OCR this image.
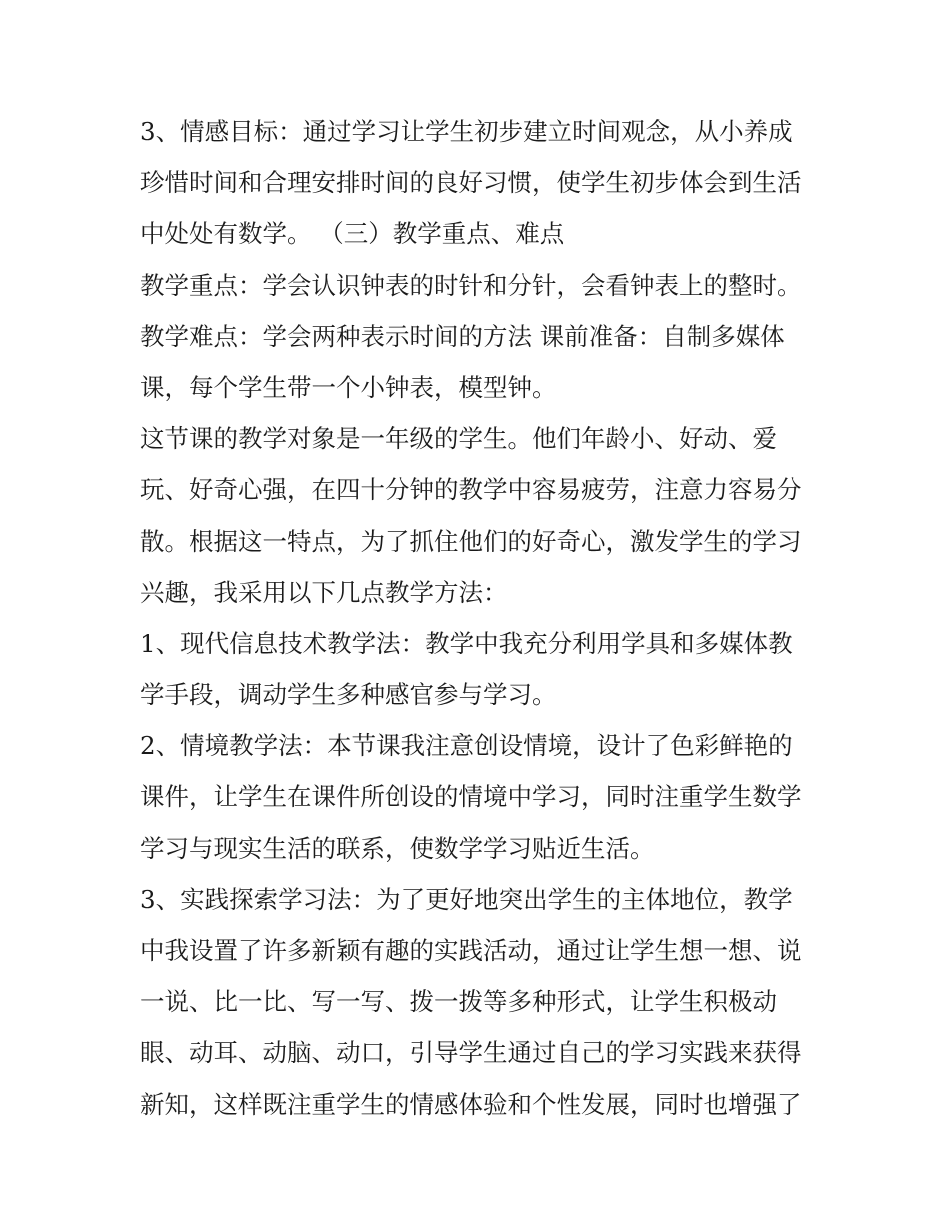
3、情感目标：通过学习让学生初步建立时间观念，从小养成
珍惜时间和合理安排时间的良好习惯，使学生初步体会到生活
中处处有数学。 （三）教学重点、难点
教学重点：学会认识钟表的时针和分针，会看钟表上的整时。
教学难点：学会两种表示时间的方法 课前准备：自制多媒体
课，每个学生带一个小钟表，模型钟。
这节课的教学对象是一年级的学生。他们年龄小、好动、爱
玩、好奇心强，在四十分钟的教学中容易疲劳，注意力容易分
散。根据这一特点，为了抓住他们的好奇心，激发学生的学习
兴趣，我采用以下几点教学方法：
1、现代信息技术教学法：教学中我充分利用学具和多媒体教
学手段，调动学生多种感官参与学习。
2、情境教学法：本节课我注意创设情境，设计了色彩鲜艳的
课件，让学生在课件所创设的情境中学习，同时注重学生数学
学习与现实生活的联系，使数学学习贴近生活。
3、实践探索学习法：为了更好地突出学生的主体地位，教学
中我设置了许多新颖有趣的实践活动，通过让学生想一想、说
一说、比一比、写一写、拨一拨等多种形式，让学生积极动
眼、动耳、动脑、动口，引导学生通过自己的学习实践来获得
新知，这样既注重学生的情感体验和个性发展，同时也增强了
